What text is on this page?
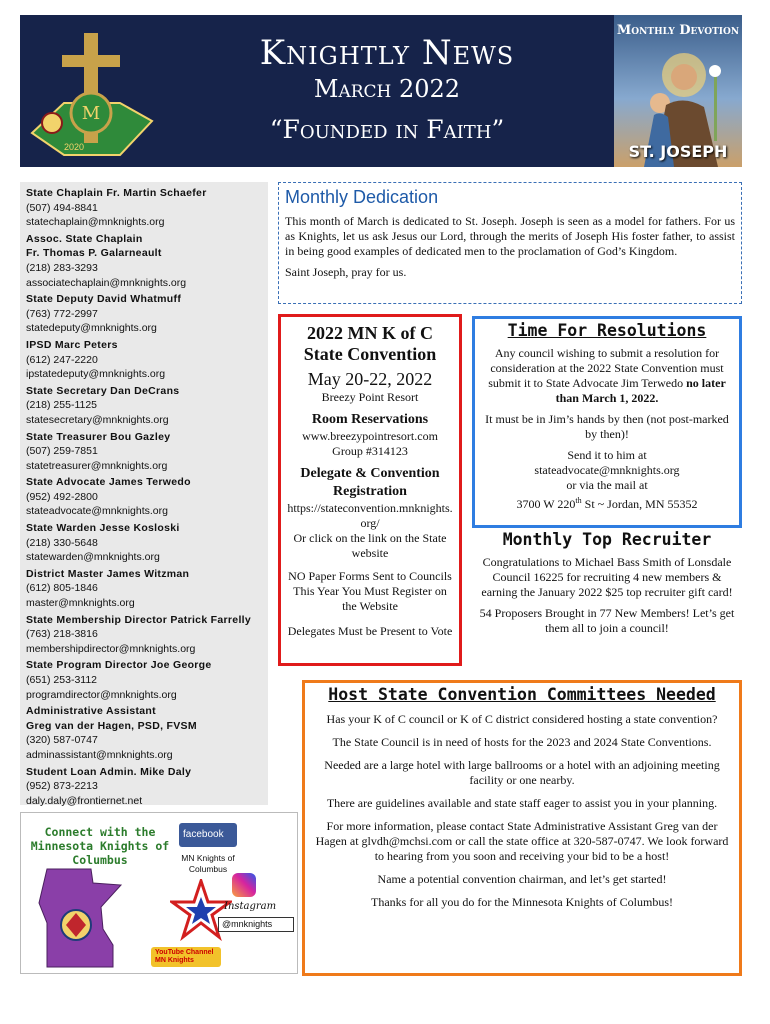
M
2020
Knightly News
March 2022
“Founded in Faith”
Monthly Devotion
ST. JOSEPH
State Chaplain Fr. Martin Schaefer
(507) 494-8841
statechaplain@mnknights.org
Assoc. State Chaplain
Fr. Thomas P. Galarneault
(218) 283-3293
associatechaplain@mnknights.org
State Deputy David Whatmuff
(763) 772-2997
statedeputy@mnknights.org
IPSD Marc Peters
(612) 247-2220
ipstatedeputy@mnknights.org
State Secretary Dan DeCrans
(218) 255-1125
statesecretary@mnknights.org
State Treasurer Bou Gazley
(507) 259-7851
statetreasurer@mnknights.org
State Advocate James Terwedo
(952) 492-2800
stateadvocate@mnknights.org
State Warden Jesse Kosloski
(218) 330-5648
statewarden@mnknights.org
District Master James Witzman
(612) 805-1846
master@mnknights.org
State Membership Director Patrick Farrelly
(763) 218-3816
membershipdirector@mnknights.org
State Program Director Joe George
(651) 253-3112
programdirector@mnknights.org
Administrative Assistant
Greg van der Hagen, PSD, FVSM
(320) 587-0747
adminassistant@mnknights.org
Student Loan Admin. Mike Daly
(952) 873-2213
daly.daly@frontiernet.net
Connect with the Minnesota Knights of Columbus
facebook
MN Knights of Columbus
Instagram
@mnknights
YouTube Channel MN Knights
Monthly Dedication

This month of March is dedicated to St. Joseph. Joseph is seen as a model for fathers. For us as Knights, let us ask Jesus our Lord, through the merits of Joseph His foster father, to assist in being good examples of dedicated men to the proclamation of God’s Kingdom.

Saint Joseph, pray for us.

2022 MN K of C State Convention
May 20-22, 2022
Breezy Point Resort
Room Reservations
www.breezypointresort.com
Group #314123
Delegate & Convention Registration
https://stateconvention.mnknights.org/
Or click on the link on the State website
NO Paper Forms Sent to Councils This Year You Must Register on the Website
Delegates Must be Present to Vote
Time For Resolutions

Any council wishing to submit a resolution for consideration at the 2022 State Convention must submit it to State Advocate Jim Terwedo no later than March 1, 2022.

It must be in Jim’s hands by then (not post-marked by then)!

Send it to him at
stateadvocate@mnknights.org
or via the mail at
3700 W 220th St ~ Jordan, MN 55352
Monthly Top Recruiter

Congratulations to Michael Bass Smith of Lonsdale Council 16225 for recruiting 4 new members & earning the January 2022 $25 top recruiter gift card!

54 Proposers Brought in 77 New Members! Let’s get them all to join a council!

Host State Convention Committees Needed

Has your K of C council or K of C district considered hosting a state convention?

The State Council is in need of hosts for the 2023 and 2024 State Conventions.

Needed are a large hotel with large ballrooms or a hotel with an adjoining meeting facility or one nearby.

There are guidelines available and state staff eager to assist you in your planning.

For more information, please contact State Administrative Assistant Greg van der Hagen at glvdh@mchsi.com or call the state office at 320-587-0747. We look forward to hearing from you soon and receiving your bid to be a host!

Name a potential convention chairman, and let’s get started!

Thanks for all you do for the Minnesota Knights of Columbus!
